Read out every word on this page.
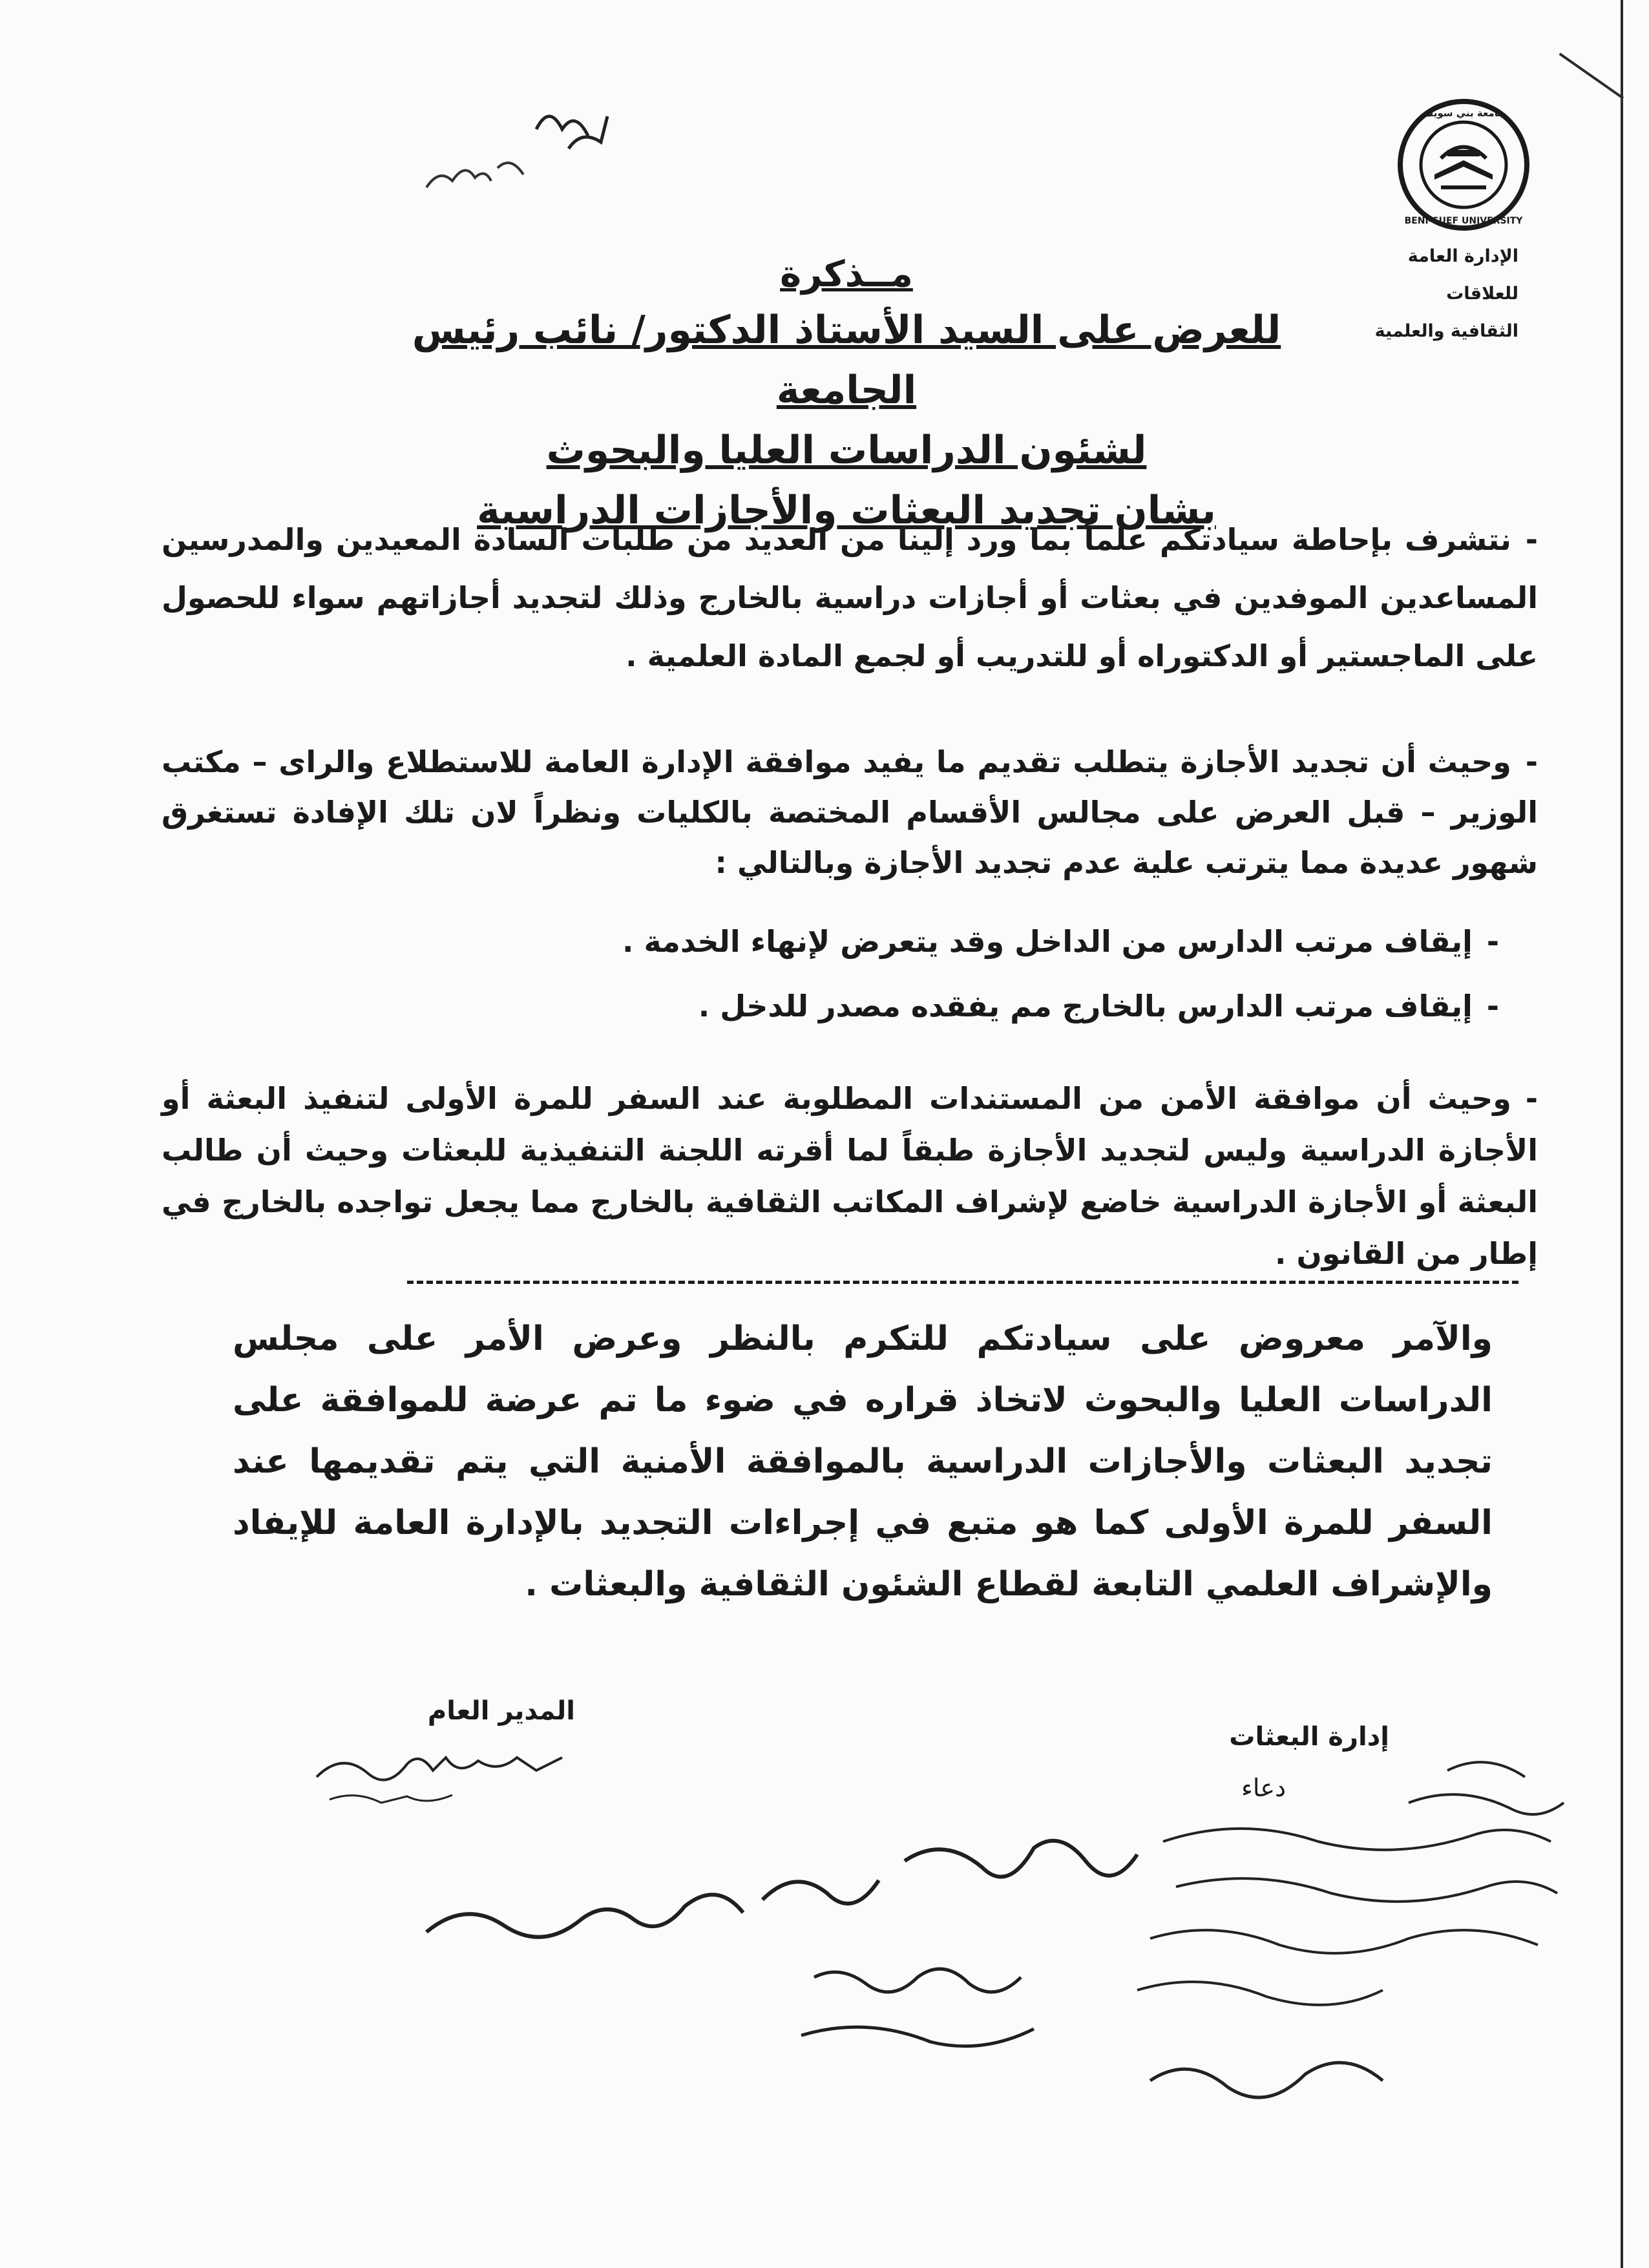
جامعة بني سويف
BENI-SUEF UNIVERSITY
الإدارة العامة للعلاقات
الثقافية والعلمية
مــذكرة
للعرض على السيد الأستاذ الدكتور/ نائب رئيس الجامعة
لشئون الدراسات العليا والبحوث
بشان تجديد البعثات والأجازات الدراسية

-نتشرف بإحاطة سيادتكم علماً بما ورد إلينا من العديد من طلبات السادة المعيدين والمدرسين المساعدين الموفدين في بعثات أو أجازات دراسية بالخارج وذلك لتجديد أجازاتهم سواء للحصول على الماجستير أو الدكتوراه أو للتدريب أو لجمع المادة العلمية .

-وحيث أن تجديد الأجازة يتطلب تقديم ما يفيد موافقة الإدارة العامة للاستطلاع والراى – مكتب الوزير – قبل العرض على مجالس الأقسام المختصة بالكليات ونظراً لان تلك الإفادة تستغرق شهور عديدة مما يترتب علية عدم تجديد الأجازة وبالتالي :

-إيقاف مرتب الدارس من الداخل وقد يتعرض لإنهاء الخدمة .

-إيقاف مرتب الدارس بالخارج مم يفقده مصدر للدخل .

-وحيث أن موافقة الأمن من المستندات المطلوبة عند السفر للمرة الأولى لتنفيذ البعثة أو الأجازة الدراسية وليس لتجديد الأجازة طبقاً لما أقرته اللجنة التنفيذية للبعثات وحيث أن طالب البعثة أو الأجازة الدراسية خاضع لإشراف المكاتب الثقافية بالخارج مما يجعل تواجده بالخارج في إطار من القانون .

والآمر معروض على سيادتكم للتكرم بالنظر وعرض الأمر على مجلس الدراسات العليا والبحوث لاتخاذ قراره في ضوء ما تم عرضة للموافقة على تجديد البعثات والأجازات الدراسية بالموافقة الأمنية التي يتم تقديمها عند السفر للمرة الأولى كما هو متبع في إجراءات التجديد بالإدارة العامة للإيفاد والإشراف العلمي التابعة لقطاع الشئون الثقافية والبعثات .

المدير العام
إدارة البعثات
دعاء
